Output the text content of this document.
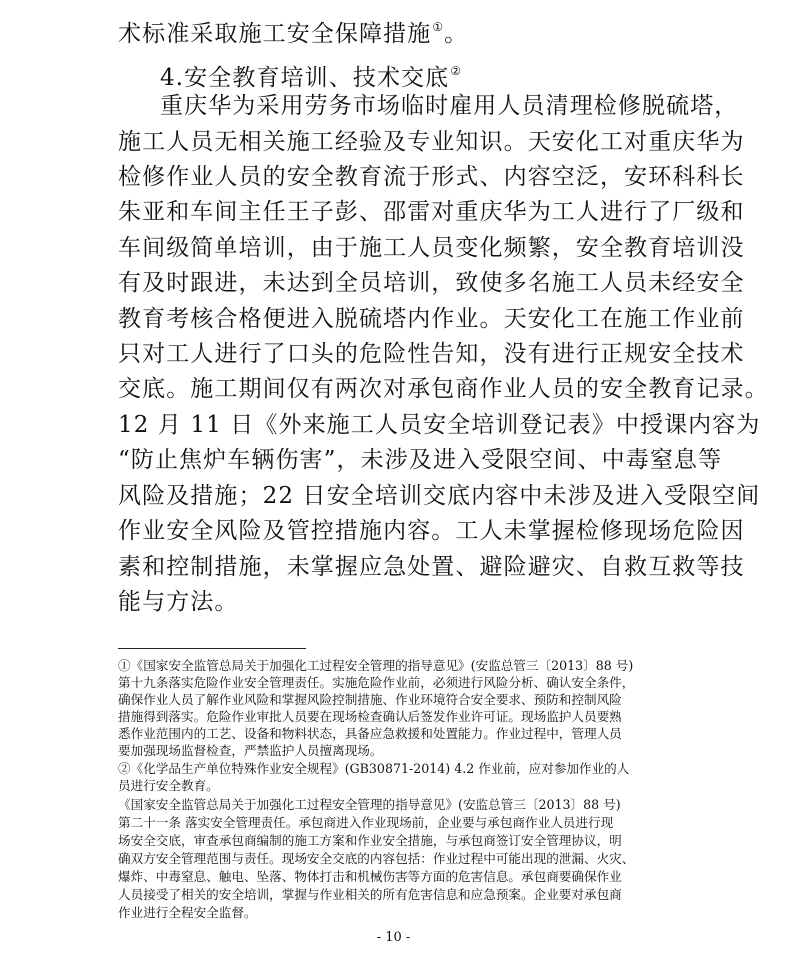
术标准采取施工安全保障措施①。
4.安全教育培训、技术交底②
重庆华为采用劳务市场临时雇用人员清理检修脱硫塔，
施工人员无相关施工经验及专业知识。天安化工对重庆华为
检修作业人员的安全教育流于形式、内容空泛，安环科科长
朱亚和车间主任王子彭、邵雷对重庆华为工人进行了厂级和
车间级简单培训，由于施工人员变化频繁，安全教育培训没
有及时跟进，未达到全员培训，致使多名施工人员未经安全
教育考核合格便进入脱硫塔内作业。天安化工在施工作业前
只对工人进行了口头的危险性告知，没有进行正规安全技术
交底。施工期间仅有两次对承包商作业人员的安全教育记录。
12 月 11 日《外来施工人员安全培训登记表》中授课内容为
“防止焦炉车辆伤害”，未涉及进入受限空间、中毒窒息等
风险及措施；22 日安全培训交底内容中未涉及进入受限空间
作业安全风险及管控措施内容。工人未掌握检修现场危险因
素和控制措施，未掌握应急处置、避险避灾、自救互救等技
能与方法。
①《国家安全监管总局关于加强化工过程安全管理的指导意见》(安监总管三〔2013〕88 号)
第十九条落实危险作业安全管理责任。实施危险作业前，必须进行风险分析、确认安全条件，
确保作业人员了解作业风险和掌握风险控制措施、作业环境符合安全要求、预防和控制风险
措施得到落实。危险作业审批人员要在现场检查确认后签发作业许可证。现场监护人员要熟
悉作业范围内的工艺、设备和物料状态，具备应急救援和处置能力。作业过程中，管理人员
要加强现场监督检查，严禁监护人员擅离现场。
②《化学品生产单位特殊作业安全规程》(GB30871-2014) 4.2 作业前，应对参加作业的人
员进行安全教育。
《国家安全监管总局关于加强化工过程安全管理的指导意见》(安监总管三〔2013〕88 号)
第二十一条 落实安全管理责任。承包商进入作业现场前，企业要与承包商作业人员进行现
场安全交底，审查承包商编制的施工方案和作业安全措施，与承包商签订安全管理协议，明
确双方安全管理范围与责任。现场安全交底的内容包括：作业过程中可能出现的泄漏、火灾、
爆炸、中毒窒息、触电、坠落、物体打击和机械伤害等方面的危害信息。承包商要确保作业
人员接受了相关的安全培训，掌握与作业相关的所有危害信息和应急预案。企业要对承包商
作业进行全程安全监督。
- 10 -
